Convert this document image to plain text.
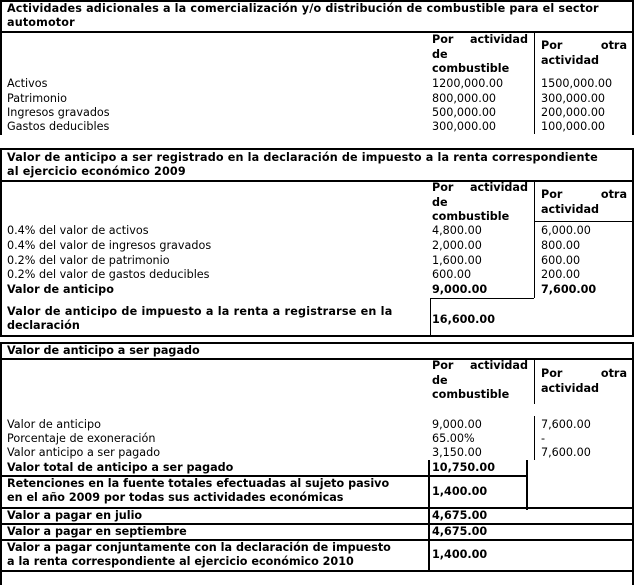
Actividades adicionales a la comercialización y/o distribución de combustible para el sector
automotor
Por actividad
de
combustible
Por	otra
actividad
Activos	1200,000.00	1500,000.00
Patrimonio	800,000.00	300,000.00
Ingresos gravados	500,000.00	200,000.00
Gastos deducibles	300,000.00	100,000.00
Valor de anticipo a ser registrado en la declaración de impuesto a la renta correspondiente
al ejercicio económico 2009
Por actividad
de
combustible
Por	otra
actividad
0.4% del valor de activos	4,800.00	6,000.00
0.4% del valor de ingresos gravados	2,000.00	800.00
0.2% del valor de patrimonio	1,600.00	600.00
0.2% del valor de gastos deducibles	600.00	200.00
Valor de anticipo	9,000.00	7,600.00
Valor de anticipo de impuesto a la renta a registrarse en la
declaración	16,600.00
Valor de anticipo a ser pagado
Por actividad
de
combustible
Por	otra
actividad
Valor de anticipo	9,000.00	7,600.00
Porcentaje de exoneración	65.00%	-
Valor anticipo a ser pagado	3,150.00	7,600.00
Valor total de anticipo a ser pagado	10,750.00
Retenciones en la fuente totales efectuadas al sujeto pasivo
en el año 2009 por todas sus actividades económicas	1,400.00
Valor a pagar en julio	4,675.00
Valor a pagar en septiembre	4,675.00
Valor a pagar conjuntamente con la declaración de impuesto
a la renta correspondiente al ejercicio económico 2010
1,400.00
